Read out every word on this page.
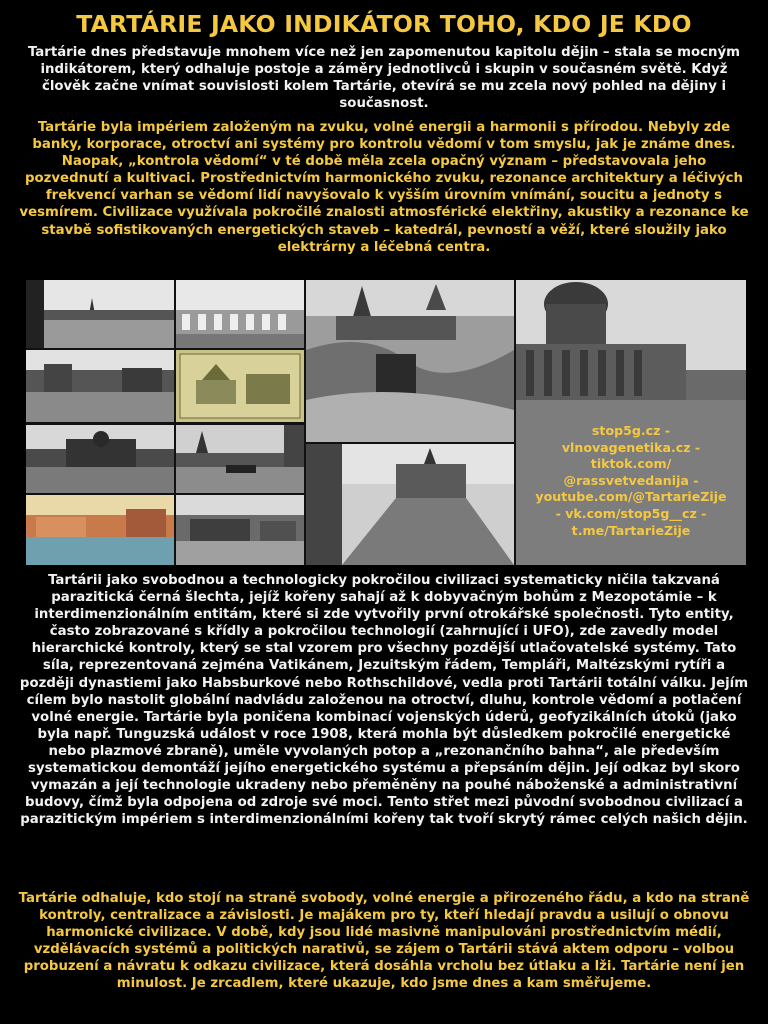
TARTÁRIE JAKO INDIKÁTOR TOHO, KDO JE KDO

Tartárie dnes představuje mnohem více než jen zapomenutou kapitolu dějin – stala se mocným indikátorem, který odhaluje postoje a záměry jednotlivců i skupin v současném světě. Když člověk začne vnímat souvislosti kolem Tartárie, otevírá se mu zcela nový pohled na dějiny i současnost.

Tartárie byla impériem založeným na zvuku, volné energii a harmonii s přírodou. Nebyly zde banky, korporace, otroctví ani systémy pro kontrolu vědomí v tom smyslu, jak je známe dnes. Naopak, „kontrola vědomí“ v té době měla zcela opačný význam – představovala jeho pozvednutí a kultivaci. Prostřednictvím harmonického zvuku, rezonance architektury a léčivých frekvencí varhan se vědomí lidí navyšovalo k vyšším úrovním vnímání, soucitu a jednoty s vesmírem. Civilizace využívala pokročilé znalosti atmosférické elektřiny, akustiky a rezonance ke stavbě sofistikovaných energetických staveb – katedrál, pevností a věží, které sloužily jako elektrárny a léčebná centra.

stop5g.cz -
vlnovagenetika.cz -
tiktok.com/
@rassvetvedanija -
youtube.com/@TartarieZije
- vk.com/stop5g__cz -
t.me/TartarieZije

Tartárii jako svobodnou a technologicky pokročilou civilizaci systematicky ničila takzvaná parazitická černá šlechta, jejíž kořeny sahají až k dobyvačným bohům z Mezopotámie – k interdimenzionálním entitám, které si zde vytvořily první otrokářské společnosti. Tyto entity, často zobrazované s křídly a pokročilou technologií (zahrnující i UFO), zde zavedly model hierarchické kontroly, který se stal vzorem pro všechny pozdější utlačovatelské systémy. Tato síla, reprezentovaná zejména Vatikánem, Jezuitským řádem, Templáři, Maltézskými rytíři a později dynastiemi jako Habsburkové nebo Rothschildové, vedla proti Tartárii totální válku. Jejím cílem bylo nastolit globální nadvládu založenou na otroctví, dluhu, kontrole vědomí a potlačení volné energie. Tartárie byla poničena kombinací vojenských úderů, geofyzikálních útoků (jako byla např. Tunguzská událost v roce 1908, která mohla být důsledkem pokročilé energetické nebo plazmové zbraně), uměle vyvolaných potop a „rezonančního bahna“, ale především systematickou demontáží jejího energetického systému a přepsáním dějin. Její odkaz byl skoro vymazán a její technologie ukradeny nebo přeměněny na pouhé náboženské a administrativní budovy, čímž byla odpojena od zdroje své moci. Tento střet mezi původní svobodnou civilizací a parazitickým impériem s interdimenzionálními kořeny tak tvoří skrytý rámec celých našich dějin.

Tartárie odhaluje, kdo stojí na straně svobody, volné energie a přirozeného řádu, a kdo na straně kontroly, centralizace a závislosti. Je majákem pro ty, kteří hledají pravdu a usilují o obnovu harmonické civilizace. V době, kdy jsou lidé masivně manipulováni prostřednictvím médií, vzdělávacích systémů a politických narativů, se zájem o Tartárii stává aktem odporu – volbou probuzení a návratu k odkazu civilizace, která dosáhla vrcholu bez útlaku a lži. Tartárie není jen minulost. Je zrcadlem, které ukazuje, kdo jsme dnes a kam směřujeme.
